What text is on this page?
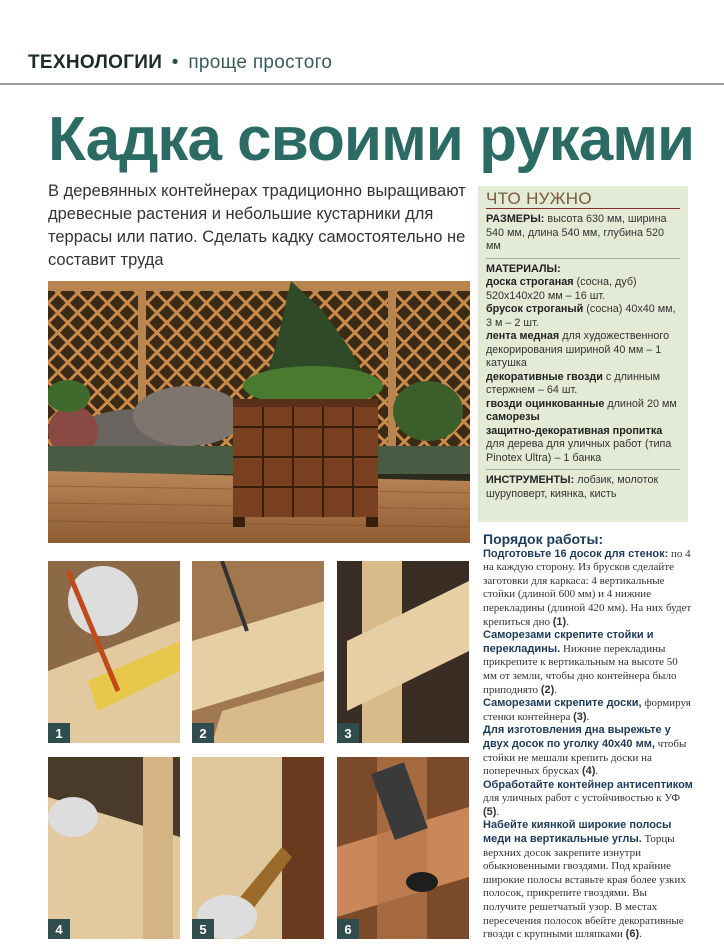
ТЕХНОЛОГИИ • проще простого
Кадка своими руками

В деревянных контейнерах традиционно выращивают древесные растения и небольшие кустарники для террасы или патио. Сделать кадку самостоятельно не составит труда

ЧТО НУЖНО

РАЗМЕРЫ: высота 630 мм, ширина 540 мм, длина 540 мм, глубина 520 мм

МАТЕРИАЛЫ:

доска строганая (сосна, дуб) 520х140х20 мм – 16 шт.

брусок строганый (сосна) 40х40 мм, 3 м – 2 шт.

лента медная для художественного декорирования шириной 40 мм – 1 катушка

декоративные гвозди с длинным стержнем – 64 шт.

гвозди оцинкованные длиной 20 мм

саморезы

защитно-декоративная пропитка для дерева для уличных работ (типа Pinotex Ultra) – 1 банка

ИНСТРУМЕНТЫ: лобзик, молоток шуруповерт, киянка, кисть

1	2	3
4	5	6
Порядок работы:

Подготовьте 16 досок для стенок: по 4 на каждую сторону. Из брусков сделайте заготовки для каркаса: 4 вертикальные стойки (длиной 600 мм) и 4 нижние перекладины (длиной 420 мм). На них будет крепиться дно (1).

Саморезами скрепите стойки и перекладины. Нижние перекладины прикрепите к вертикальным на высоте 50 мм от земли, чтобы дно контейнера было приподнято (2).

Саморезами скрепите доски, формируя стенки контейнера (3).

Для изготовления дна вырежьте у двух досок по уголку 40х40 мм, чтобы стойки не мешали крепить доски на поперечных брусках (4).

Обработайте контейнер антисептиком для уличных работ с устойчивостью к УФ (5).

Набейте киянкой широкие полосы меди на вертикальные углы. Торцы верхних досок закрепите изнутри обыкновенными гвоздями. Под крайние широкие полосы вставьте края более узких полосок, прикрепите гвоздями. Вы получите решетчатый узор. В местах пересечения полосок вбейте декоративные гвозди с крупными шляпками (6).
